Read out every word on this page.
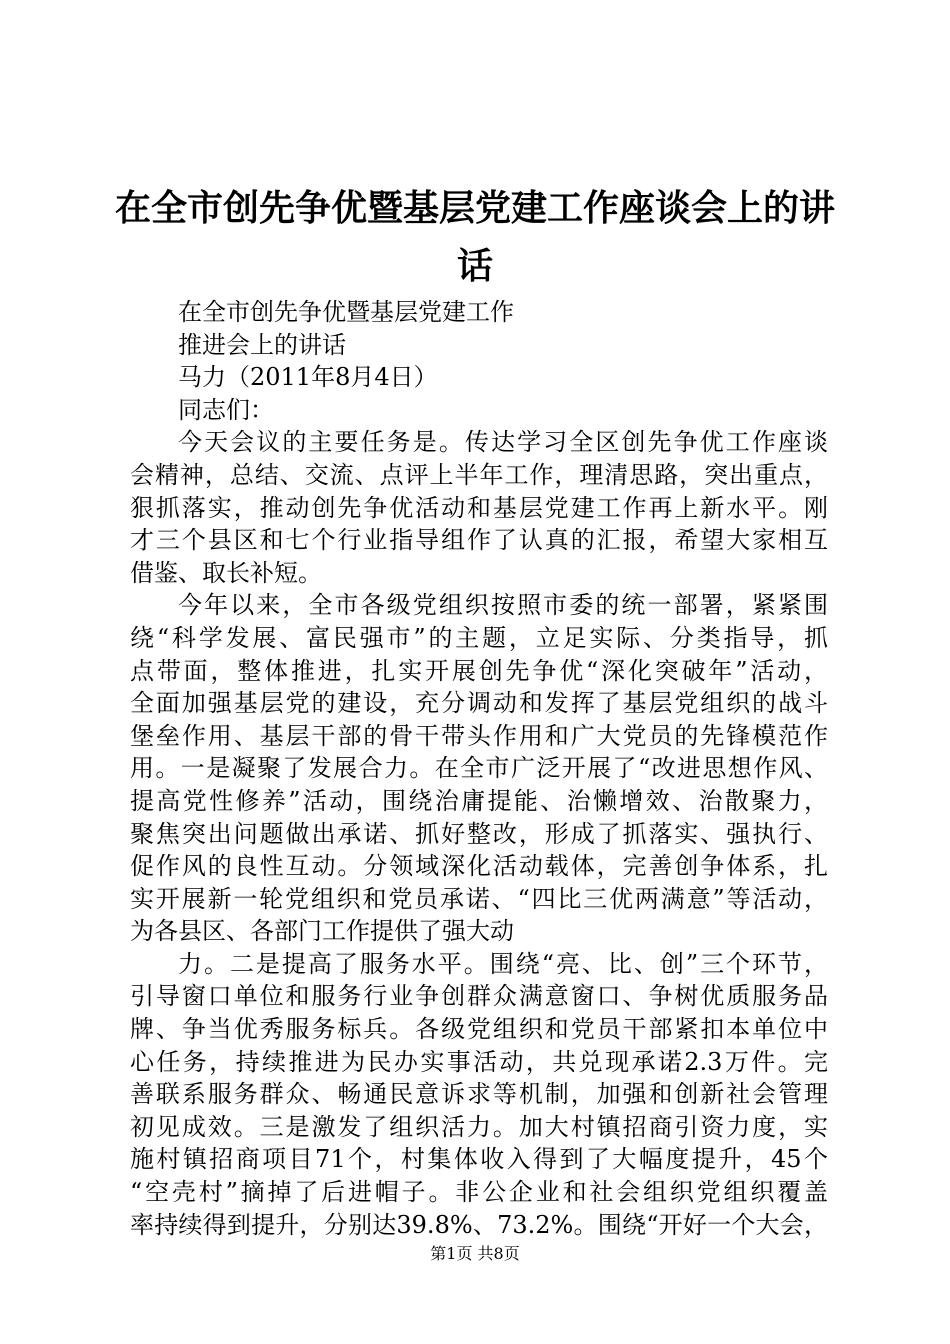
在全市创先争优暨基层党建工作座谈会上的讲
话
在全市创先争优暨基层党建工作
推进会上的讲话
马力（2011年8月4日）
同志们：
今天会议的主要任务是。传达学习全区创先争优工作座谈
会精神，总结、交流、点评上半年工作，理清思路，突出重点，
狠抓落实，推动创先争优活动和基层党建工作再上新水平。刚
才三个县区和七个行业指导组作了认真的汇报，希望大家相互
借鉴、取长补短。
今年以来，全市各级党组织按照市委的统一部署，紧紧围
绕“科学发展、富民强市”的主题，立足实际、分类指导，抓
点带面，整体推进，扎实开展创先争优“深化突破年”活动，
全面加强基层党的建设，充分调动和发挥了基层党组织的战斗
堡垒作用、基层干部的骨干带头作用和广大党员的先锋模范作
用。一是凝聚了发展合力。在全市广泛开展了“改进思想作风、
提高党性修养”活动，围绕治庸提能、治懒增效、治散聚力，
聚焦突出问题做出承诺、抓好整改，形成了抓落实、强执行、
促作风的良性互动。分领域深化活动载体，完善创争体系，扎
实开展新一轮党组织和党员承诺、“四比三优两满意”等活动，
为各县区、各部门工作提供了强大动
力。二是提高了服务水平。围绕“亮、比、创”三个环节，
引导窗口单位和服务行业争创群众满意窗口、争树优质服务品
牌、争当优秀服务标兵。各级党组织和党员干部紧扣本单位中
心任务，持续推进为民办实事活动，共兑现承诺2.3万件。完
善联系服务群众、畅通民意诉求等机制，加强和创新社会管理
初见成效。三是激发了组织活力。加大村镇招商引资力度，实
施村镇招商项目71个，村集体收入得到了大幅度提升，45个
“空壳村”摘掉了后进帽子。非公企业和社会组织党组织覆盖
率持续得到提升，分别达39.8%、73.2%。围绕“开好一个大会，
第1页 共8页
